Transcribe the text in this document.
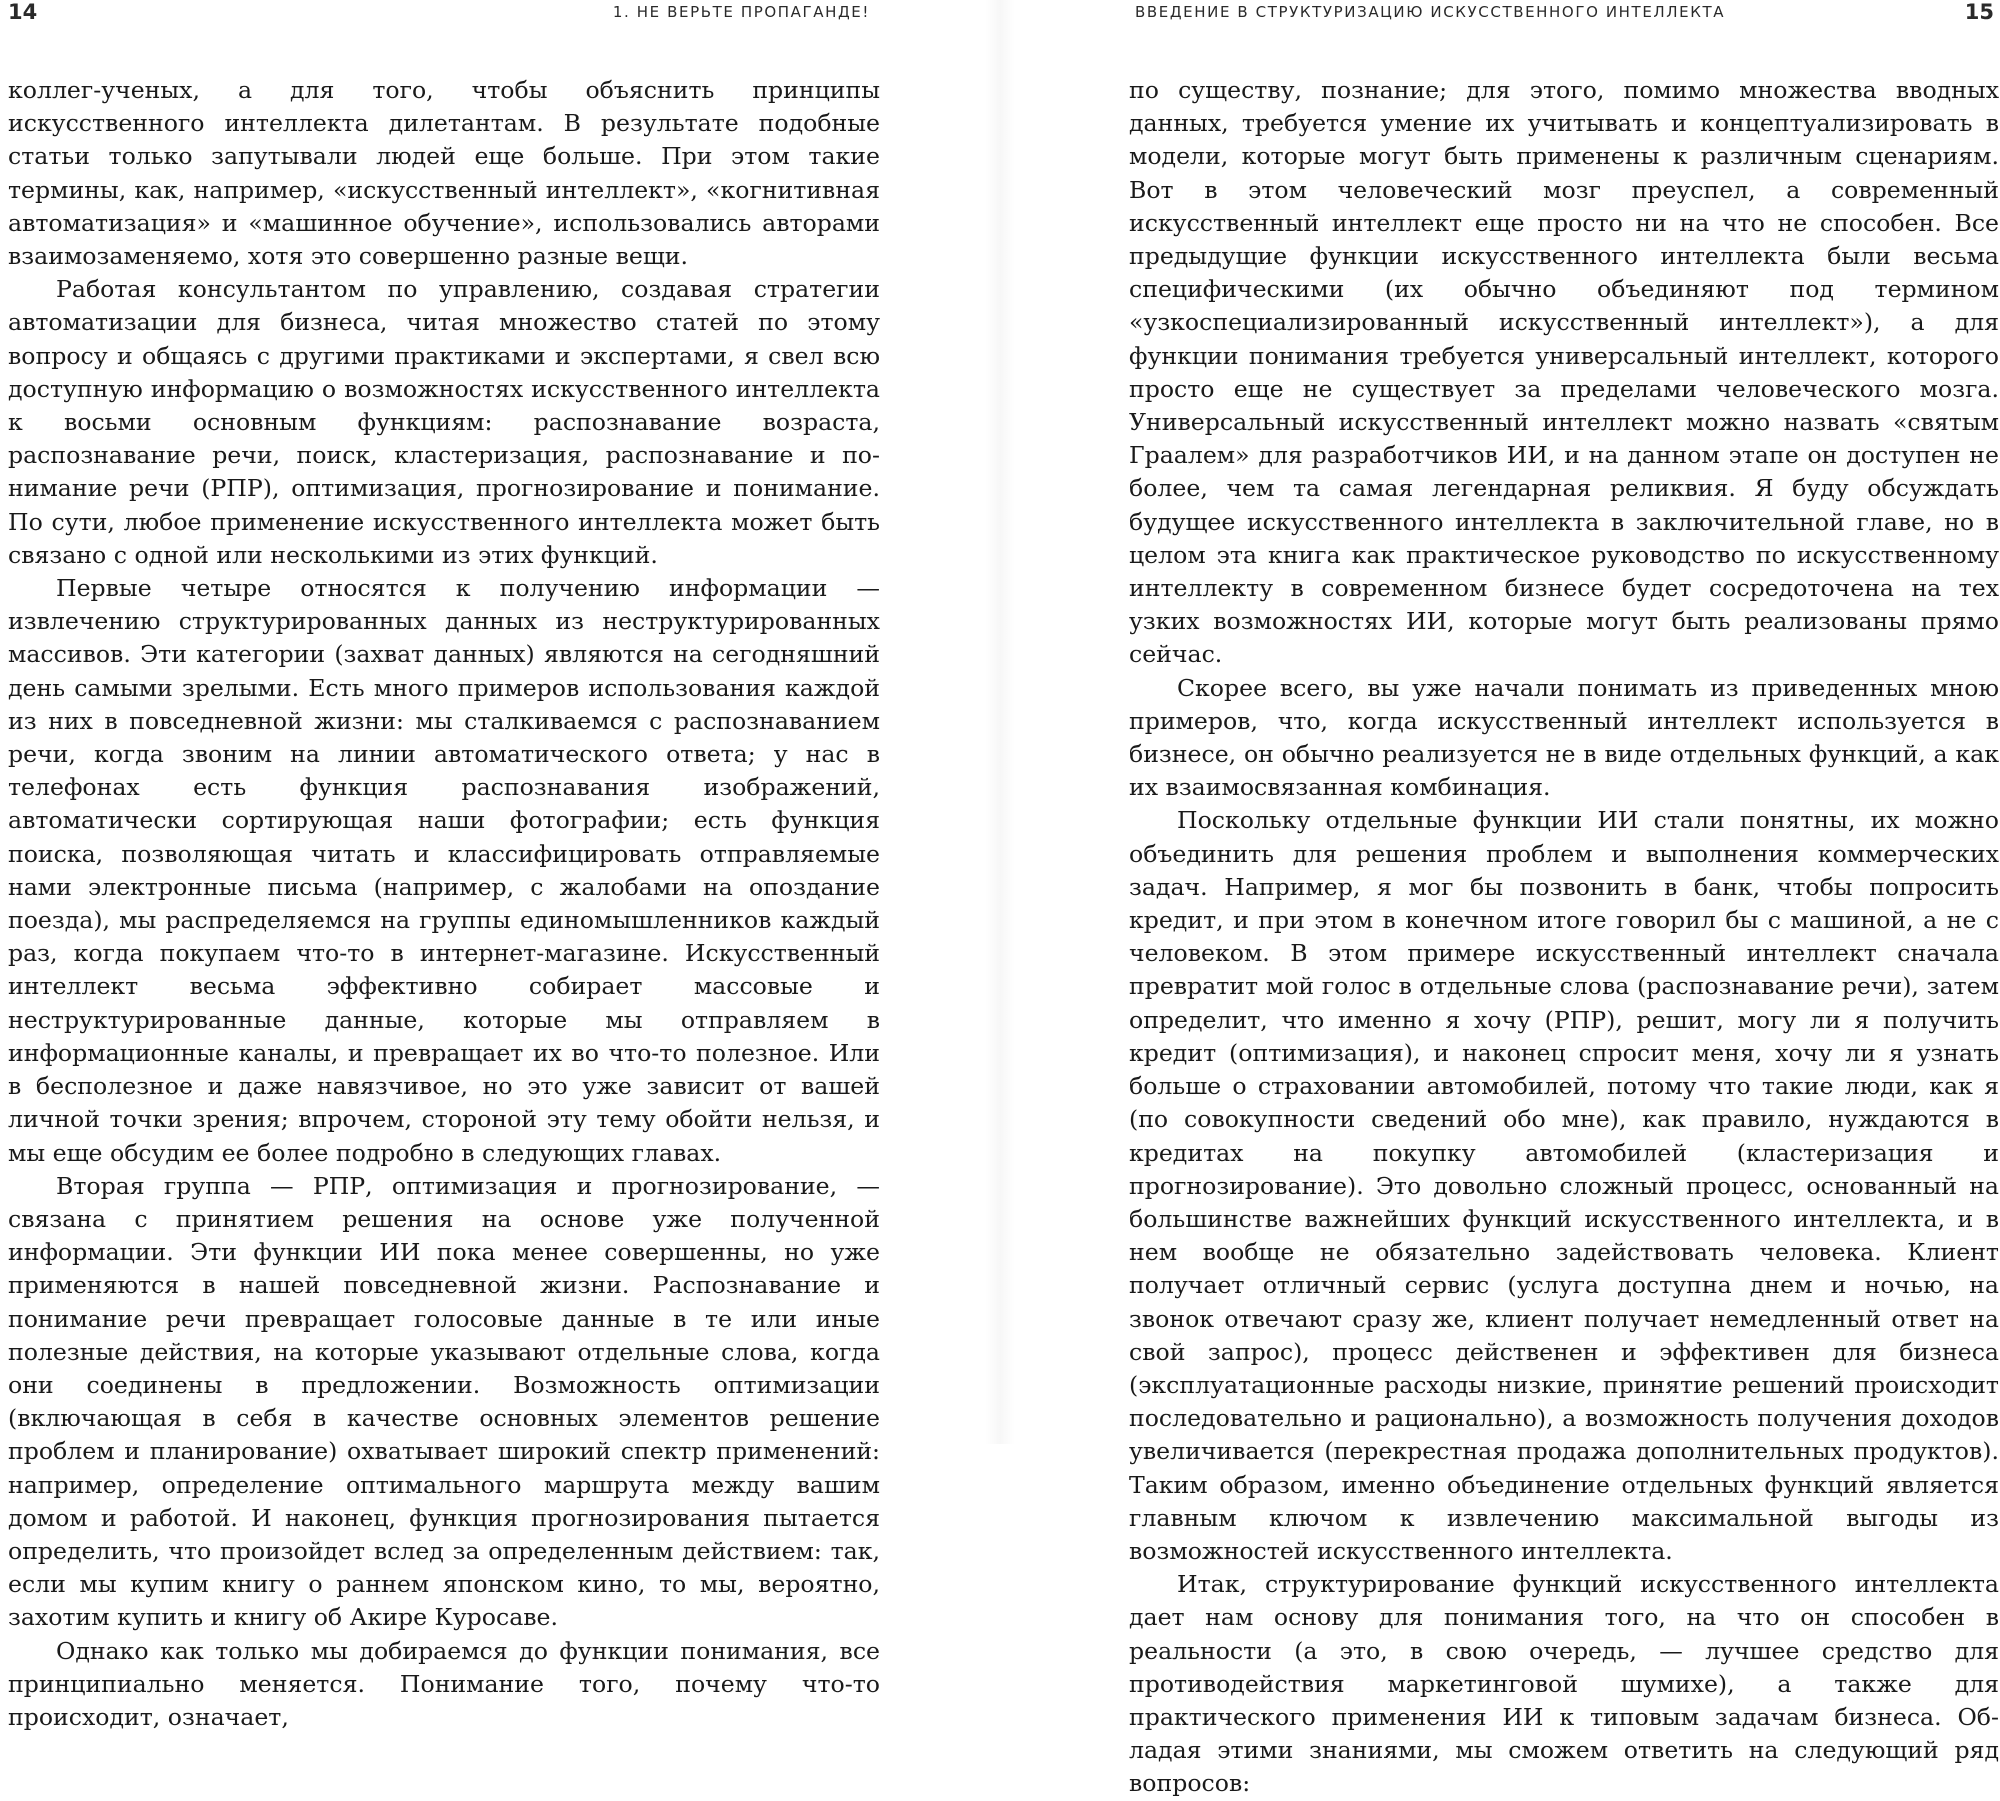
14	1. НЕ ВЕРЬТЕ ПРОПАГАНДЕ!

коллег-ученых, а для того, чтобы объяснить принципы искусственного интеллекта дилетантам. В результате подобные статьи только запутывали людей еще больше. При этом такие термины, как, например, «искусственный интеллект», «когнитивная автоматизация» и «машинное обучение», использовались авторами взаимозаменяемо, хотя это совершенно разные вещи.

Работая консультантом по управлению, создавая стратегии автоматизации для бизнеса, читая множество статей по этому вопросу и общаясь с другими практиками и экспертами, я свел всю доступную информацию о возможностях искусственного интеллекта к восьми основным функциям: распознавание возраста, распознавание речи, поиск, кластеризация, распознавание и понимание речи (РПР), оптимизация, прогнозирование и понимание. По сути, любое применение искусственного интеллекта может быть связано с одной или несколькими из этих функций.

Первые четыре относятся к получению информации — извлечению структурированных данных из неструктурированных массивов. Эти категории (захват данных) являются на сегодняшний день самыми зрелыми. Есть много примеров использования каждой из них в повседневной жизни: мы сталкиваемся с распознаванием речи, когда звоним на линии автоматического ответа; у нас в телефонах есть функция распознавания изображений, автоматически сортирующая наши фотографии; есть функция поиска, позволяющая читать и классифицировать отправляемые нами электронные письма (например, с жалобами на опоздание поезда), мы распределяемся на группы единомышленников каждый раз, когда покупаем что-то в интернет-магазине. Искусственный интеллект весьма эффективно собирает массовые и неструктурированные данные, которые мы отправляем в информационные каналы, и превращает их во что-то полезное. Или в бесполезное и даже навязчивое, но это уже зависит от вашей личной точки зрения; впрочем, стороной эту тему обойти нельзя, и мы еще обсудим ее более подробно в следующих главах.

Вторая группа — РПР, оптимизация и прогнозирование, — связана с принятием решения на основе уже полученной информации. Эти функции ИИ пока менее совершенны, но уже применяются в нашей повседневной жизни. Распознавание и понимание речи превращает голосовые данные в те или иные полезные действия, на которые указывают отдельные слова, когда они соединены в предложении. Возможность оптимизации (включающая в себя в качестве основных элементов решение проблем и планирование) охватывает широкий спектр применений: например, определение оптимального маршрута между вашим домом и работой. И наконец, функция прогнозирования пытается определить, что произойдет вслед за определенным действием: так, если мы купим книгу о раннем японском кино, то мы, вероятно, захотим купить и книгу об Акире Куросаве.

Однако как только мы добираемся до функции понимания, все принципиально меняется. Понимание того, почему что-то происходит, означает,

ВВЕДЕНИЕ В СТРУКТУРИЗАЦИЮ ИСКУССТВЕННОГО ИНТЕЛЛЕКТА	15

по существу, познание; для этого, помимо множества вводных данных, требуется умение их учитывать и концептуализировать в модели, которые могут быть применены к различным сценариям. Вот в этом человеческий мозг преуспел, а современный искусственный интеллект еще просто ни на что не способен. Все предыдущие функции искусственного интеллекта были весьма специфическими (их обычно объединяют под термином «узкоспециализированный искусственный интеллект»), а для функции понимания требуется универсальный интеллект, которого просто еще не существует за пределами человеческого мозга. Универсальный искусственный интеллект можно назвать «святым Граалем» для разработчиков ИИ, и на данном этапе он доступен не более, чем та самая легендарная реликвия. Я буду обсуждать будущее искусственного интеллекта в заключительной главе, но в целом эта книга как практическое руководство по искусственному интеллекту в современном бизнесе будет сосредоточена на тех узких возможностях ИИ, которые могут быть реализованы прямо сейчас.

Скорее всего, вы уже начали понимать из приведенных мною примеров, что, когда искусственный интеллект используется в бизнесе, он обычно реализуется не в виде отдельных функций, а как их взаимосвязанная комбинация.

Поскольку отдельные функции ИИ стали понятны, их можно объединить для решения проблем и выполнения коммерческих задач. Например, я мог бы позвонить в банк, чтобы попросить кредит, и при этом в конечном итоге говорил бы с машиной, а не с человеком. В этом примере искусственный интеллект сначала превратит мой голос в отдельные слова (распознавание речи), затем определит, что именно я хочу (РПР), решит, могу ли я получить кредит (оптимизация), и наконец спросит меня, хочу ли я узнать больше о страховании автомобилей, потому что такие люди, как я (по совокупности сведений обо мне), как правило, нуждаются в кредитах на покупку автомобилей (кластеризация и прогнозирование). Это довольно сложный процесс, основанный на большинстве важнейших функций искусственного интеллекта, и в нем вообще не обязательно задействовать человека. Клиент получает отличный сервис (услуга доступна днем и ночью, на звонок отвечают сразу же, клиент получает немедленный ответ на свой запрос), процесс действенен и эффективен для бизнеса (эксплуатационные расходы низкие, принятие решений происходит последовательно и рационально), а возможность получения доходов увеличивается (перекрестная продажа дополнительных продуктов). Таким образом, именно объединение отдельных функций является главным ключом к извлечению максимальной выгоды из возможностей искусственного интеллекта.

Итак, структурирование функций искусственного интеллекта дает нам основу для понимания того, на что он способен в реальности (а это, в свою очередь, — лучшее средство для противодействия маркетинговой шумихе), а также для практического применения ИИ к типовым задачам бизнеса. Обладая этими знаниями, мы сможем ответить на следующий ряд вопросов:
